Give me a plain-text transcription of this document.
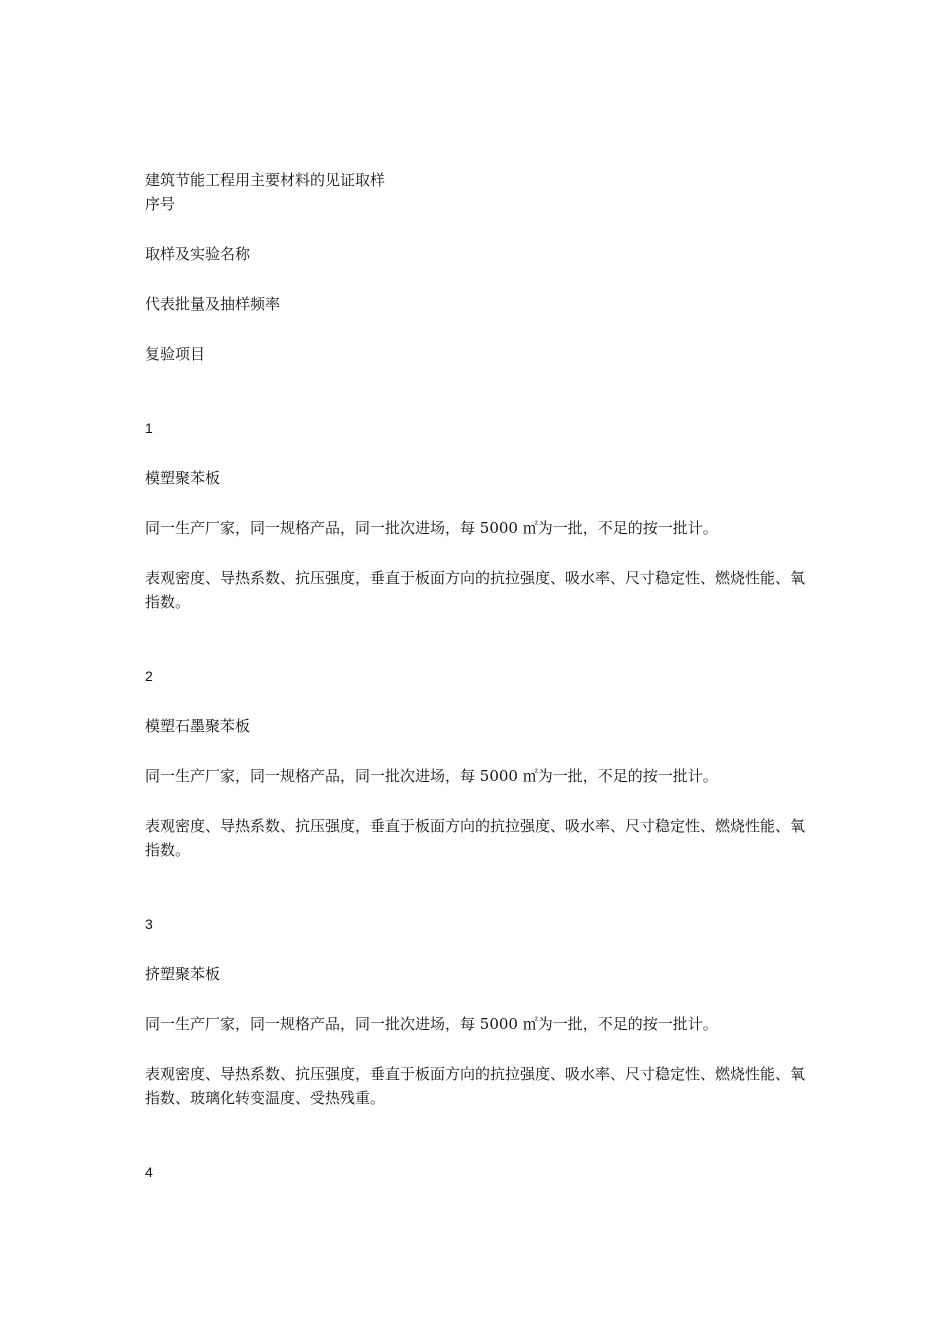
建筑节能工程用主要材料的见证取样

序号

取样及实验名称

代表批量及抽样频率

复验项目

1

模塑聚苯板

同一生产厂家，同一规格产品，同一批次进场，每 5000 ㎡为一批，不足的按一批计。

表观密度、导热系数、抗压强度，垂直于板面方向的抗拉强度、吸水率、尺寸稳定性、燃烧性能、氧指数。

2

模塑石墨聚苯板

同一生产厂家，同一规格产品，同一批次进场，每 5000 ㎡为一批，不足的按一批计。

表观密度、导热系数、抗压强度，垂直于板面方向的抗拉强度、吸水率、尺寸稳定性、燃烧性能、氧指数。

3

挤塑聚苯板

同一生产厂家，同一规格产品，同一批次进场，每 5000 ㎡为一批，不足的按一批计。

表观密度、导热系数、抗压强度，垂直于板面方向的抗拉强度、吸水率、尺寸稳定性、燃烧性能、氧指数、玻璃化转变温度、受热残重。

4
